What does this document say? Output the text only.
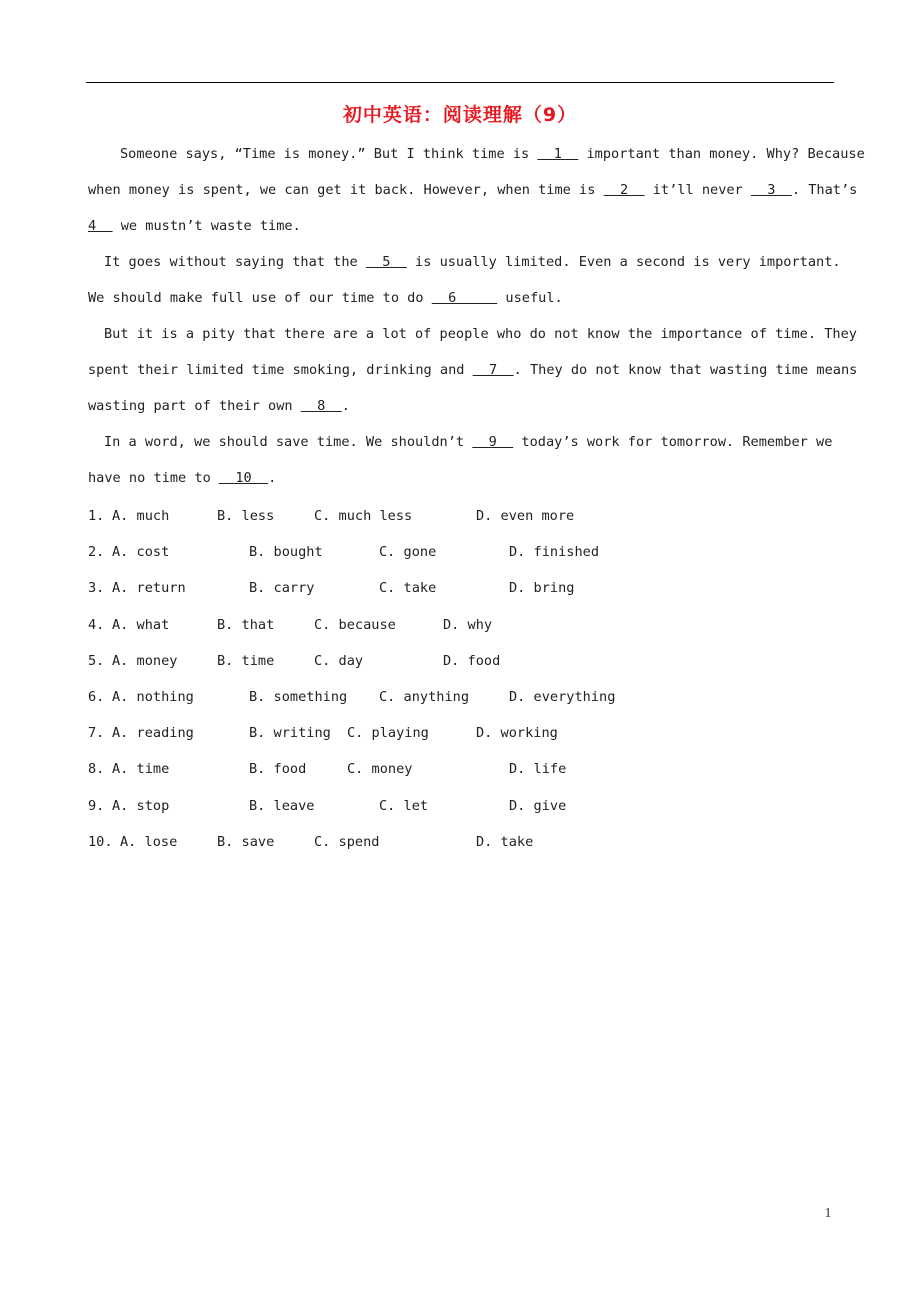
初中英语：阅读理解（9）
Someone says, “Time is money.” But I think time is   1   important than money. Why? Because
when money is spent, we can get it back. However, when time is   2   it’ll never   3  . That’s
4   we mustn’t waste time.
It goes without saying that the   5   is usually limited. Even a second is very important.
We should make full use of our time to do   6      useful.
But it is a pity that there are a lot of people who do not know the importance of time. They
spent their limited time smoking, drinking and   7  . They do not know that wasting time means
wasting part of their own   8  .
In a word, we should save time. We shouldn’t   9   today’s work for tomorrow. Remember we
have no time to   10  .
1. A. much	B. less	C. much less	D. even more
2. A. cost	B. bought	C. gone	D. finished
3. A. return	B. carry	C. take	D. bring
4. A. what	B. that	C. because	D. why
5. A. money	B. time	C. day	D. food
6. A. nothing	B. something C. anything	D. everything
7. A. reading	B. writing C. playing	D. working
8. A. time	B. food	C. money	D. life
9. A. stop	B. leave	C. let	D. give
10. A. lose	B. save	C. spend	D. take
1
